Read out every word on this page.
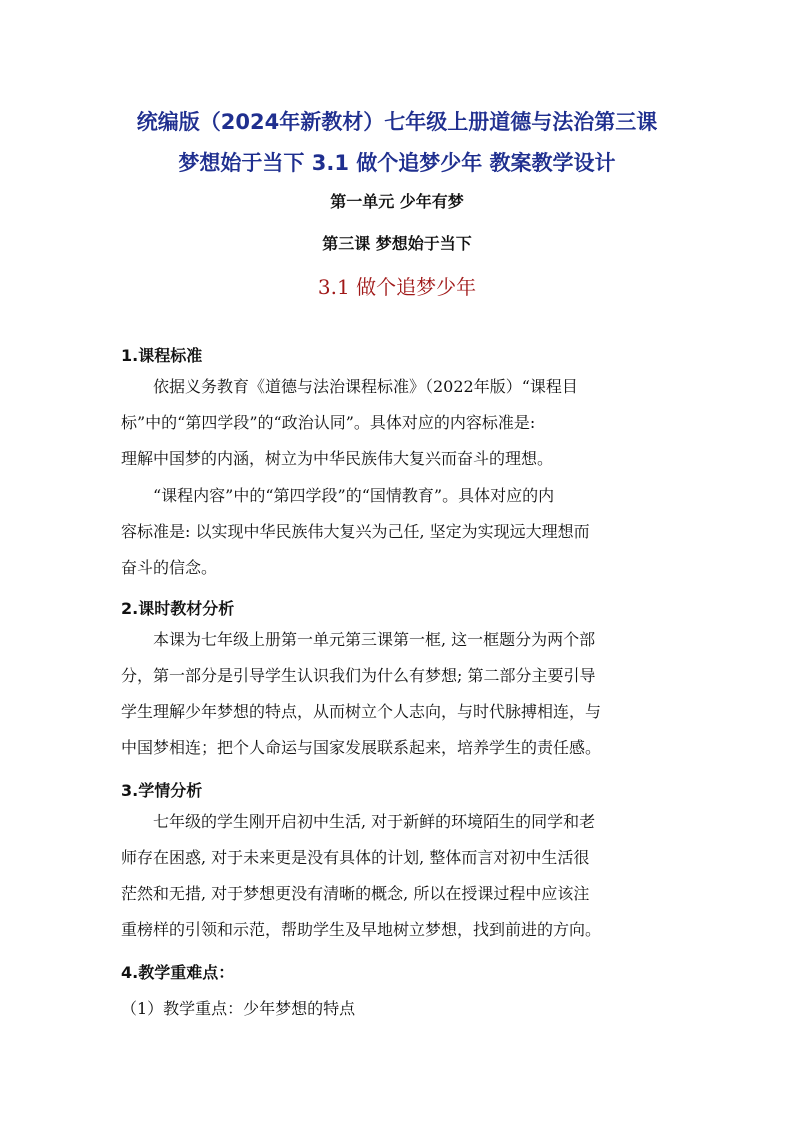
统编版（2024年新教材）七年级上册道德与法治第三课
梦想始于当下 3.1 做个追梦少年 教案教学设计
第一单元 少年有梦
第三课 梦想始于当下
3.1 做个追梦少年
1.课程标准
依据义务教育《道德与法治课程标准》（2022年版）“课程目
标”中的“第四学段”的“政治认同”。具体对应的内容标准是:
理解中国梦的内涵，树立为中华民族伟大复兴而奋斗的理想。
“课程内容”中的“第四学段”的“国情教育”。具体对应的内
容标准是: 以实现中华民族伟大复兴为己任, 坚定为实现远大理想而
奋斗的信念。
2.课时教材分析
本课为七年级上册第一单元第三课第一框, 这一框题分为两个部
分，第一部分是引导学生认识我们为什么有梦想; 第二部分主要引导
学生理解少年梦想的特点，从而树立个人志向，与时代脉搏相连，与
中国梦相连；把个人命运与国家发展联系起来，培养学生的责任感。
3.学情分析
七年级的学生刚开启初中生活, 对于新鲜的环境陌生的同学和老
师存在困惑, 对于未来更是没有具体的计划, 整体而言对初中生活很
茫然和无措, 对于梦想更没有清晰的概念, 所以在授课过程中应该注
重榜样的引领和示范，帮助学生及早地树立梦想，找到前进的方向。
4.教学重难点：
（1）教学重点：少年梦想的特点
